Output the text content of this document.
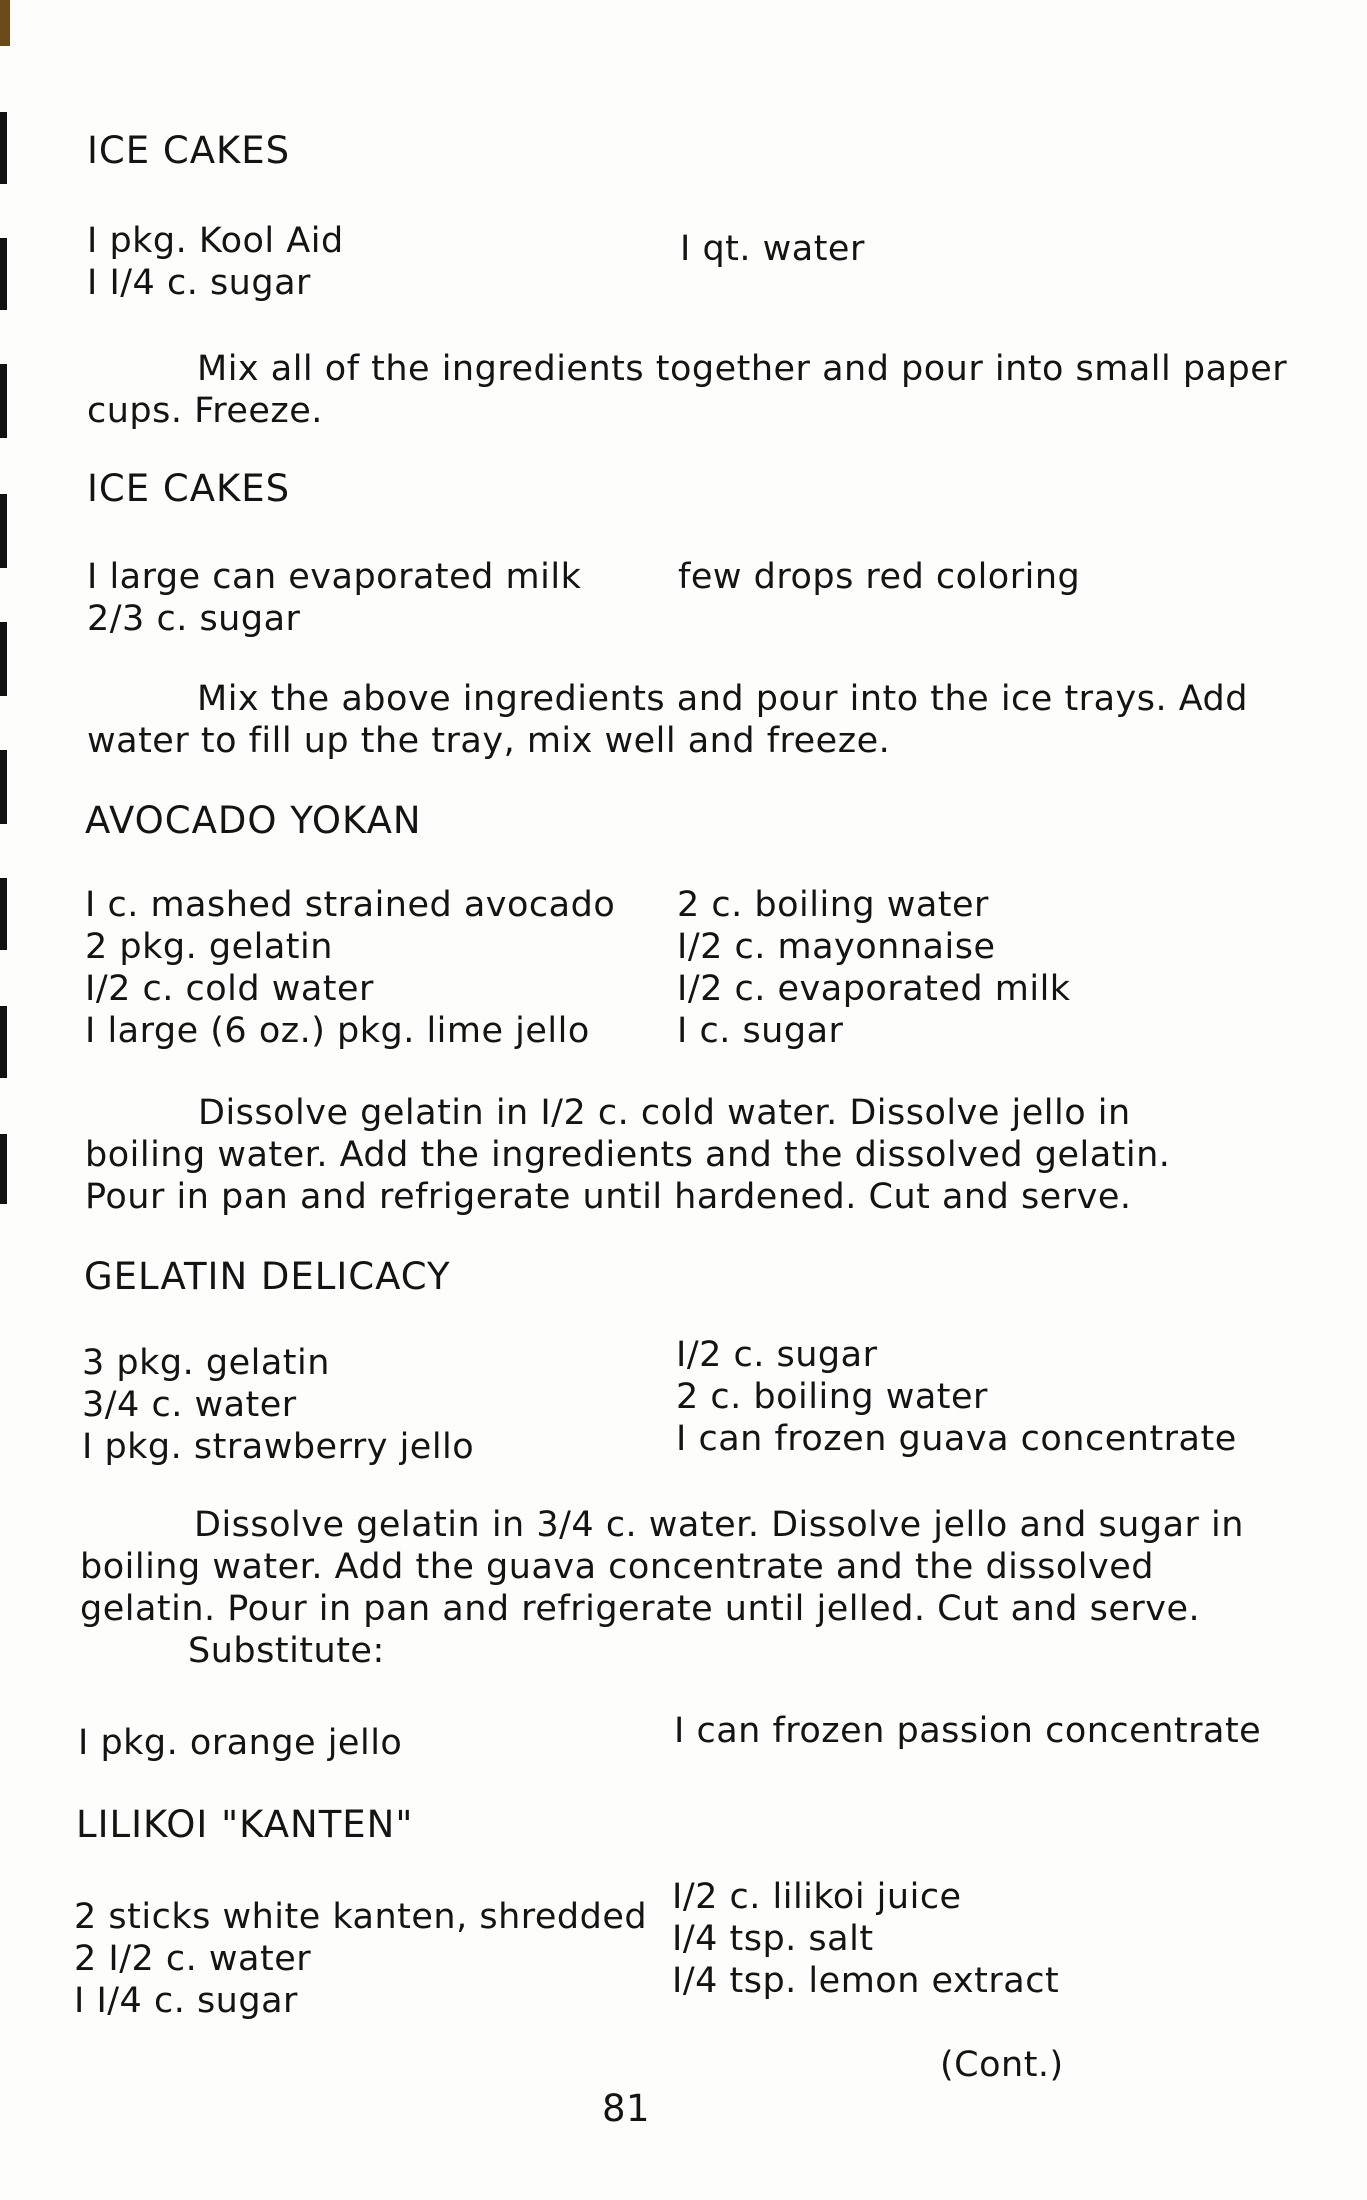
ICE CAKES
I pkg. Kool Aid
I I/4 c. sugar
I qt. water
Mix all of the ingredients together and pour into small paper
cups. Freeze.
ICE CAKES
I large can evaporated milk
2/3 c. sugar
few drops red coloring
Mix the above ingredients and pour into the ice trays. Add
water to fill up the tray, mix well and freeze.
AVOCADO YOKAN
I c. mashed strained avocado
2 pkg. gelatin
I/2 c. cold water
I large (6 oz.) pkg. lime jello
2 c. boiling water
I/2 c. mayonnaise
I/2 c. evaporated milk
I c. sugar
Dissolve gelatin in I/2 c. cold water. Dissolve jello in
boiling water. Add the ingredients and the dissolved gelatin.
Pour in pan and refrigerate until hardened. Cut and serve.
GELATIN DELICACY
3 pkg. gelatin
3/4 c. water
I pkg. strawberry jello
I/2 c. sugar
2 c. boiling water
I can frozen guava concentrate
Dissolve gelatin in 3/4 c. water. Dissolve jello and sugar in
boiling water. Add the guava concentrate and the dissolved
gelatin. Pour in pan and refrigerate until jelled. Cut and serve.
Substitute:
I pkg. orange jello	I can frozen passion concentrate
LILIKOI "KANTEN"
2 sticks white kanten, shredded
2 I/2 c. water
I I/4 c. sugar
I/2 c. lilikoi juice
I/4 tsp. salt
I/4 tsp. lemon extract
(Cont.)
81
